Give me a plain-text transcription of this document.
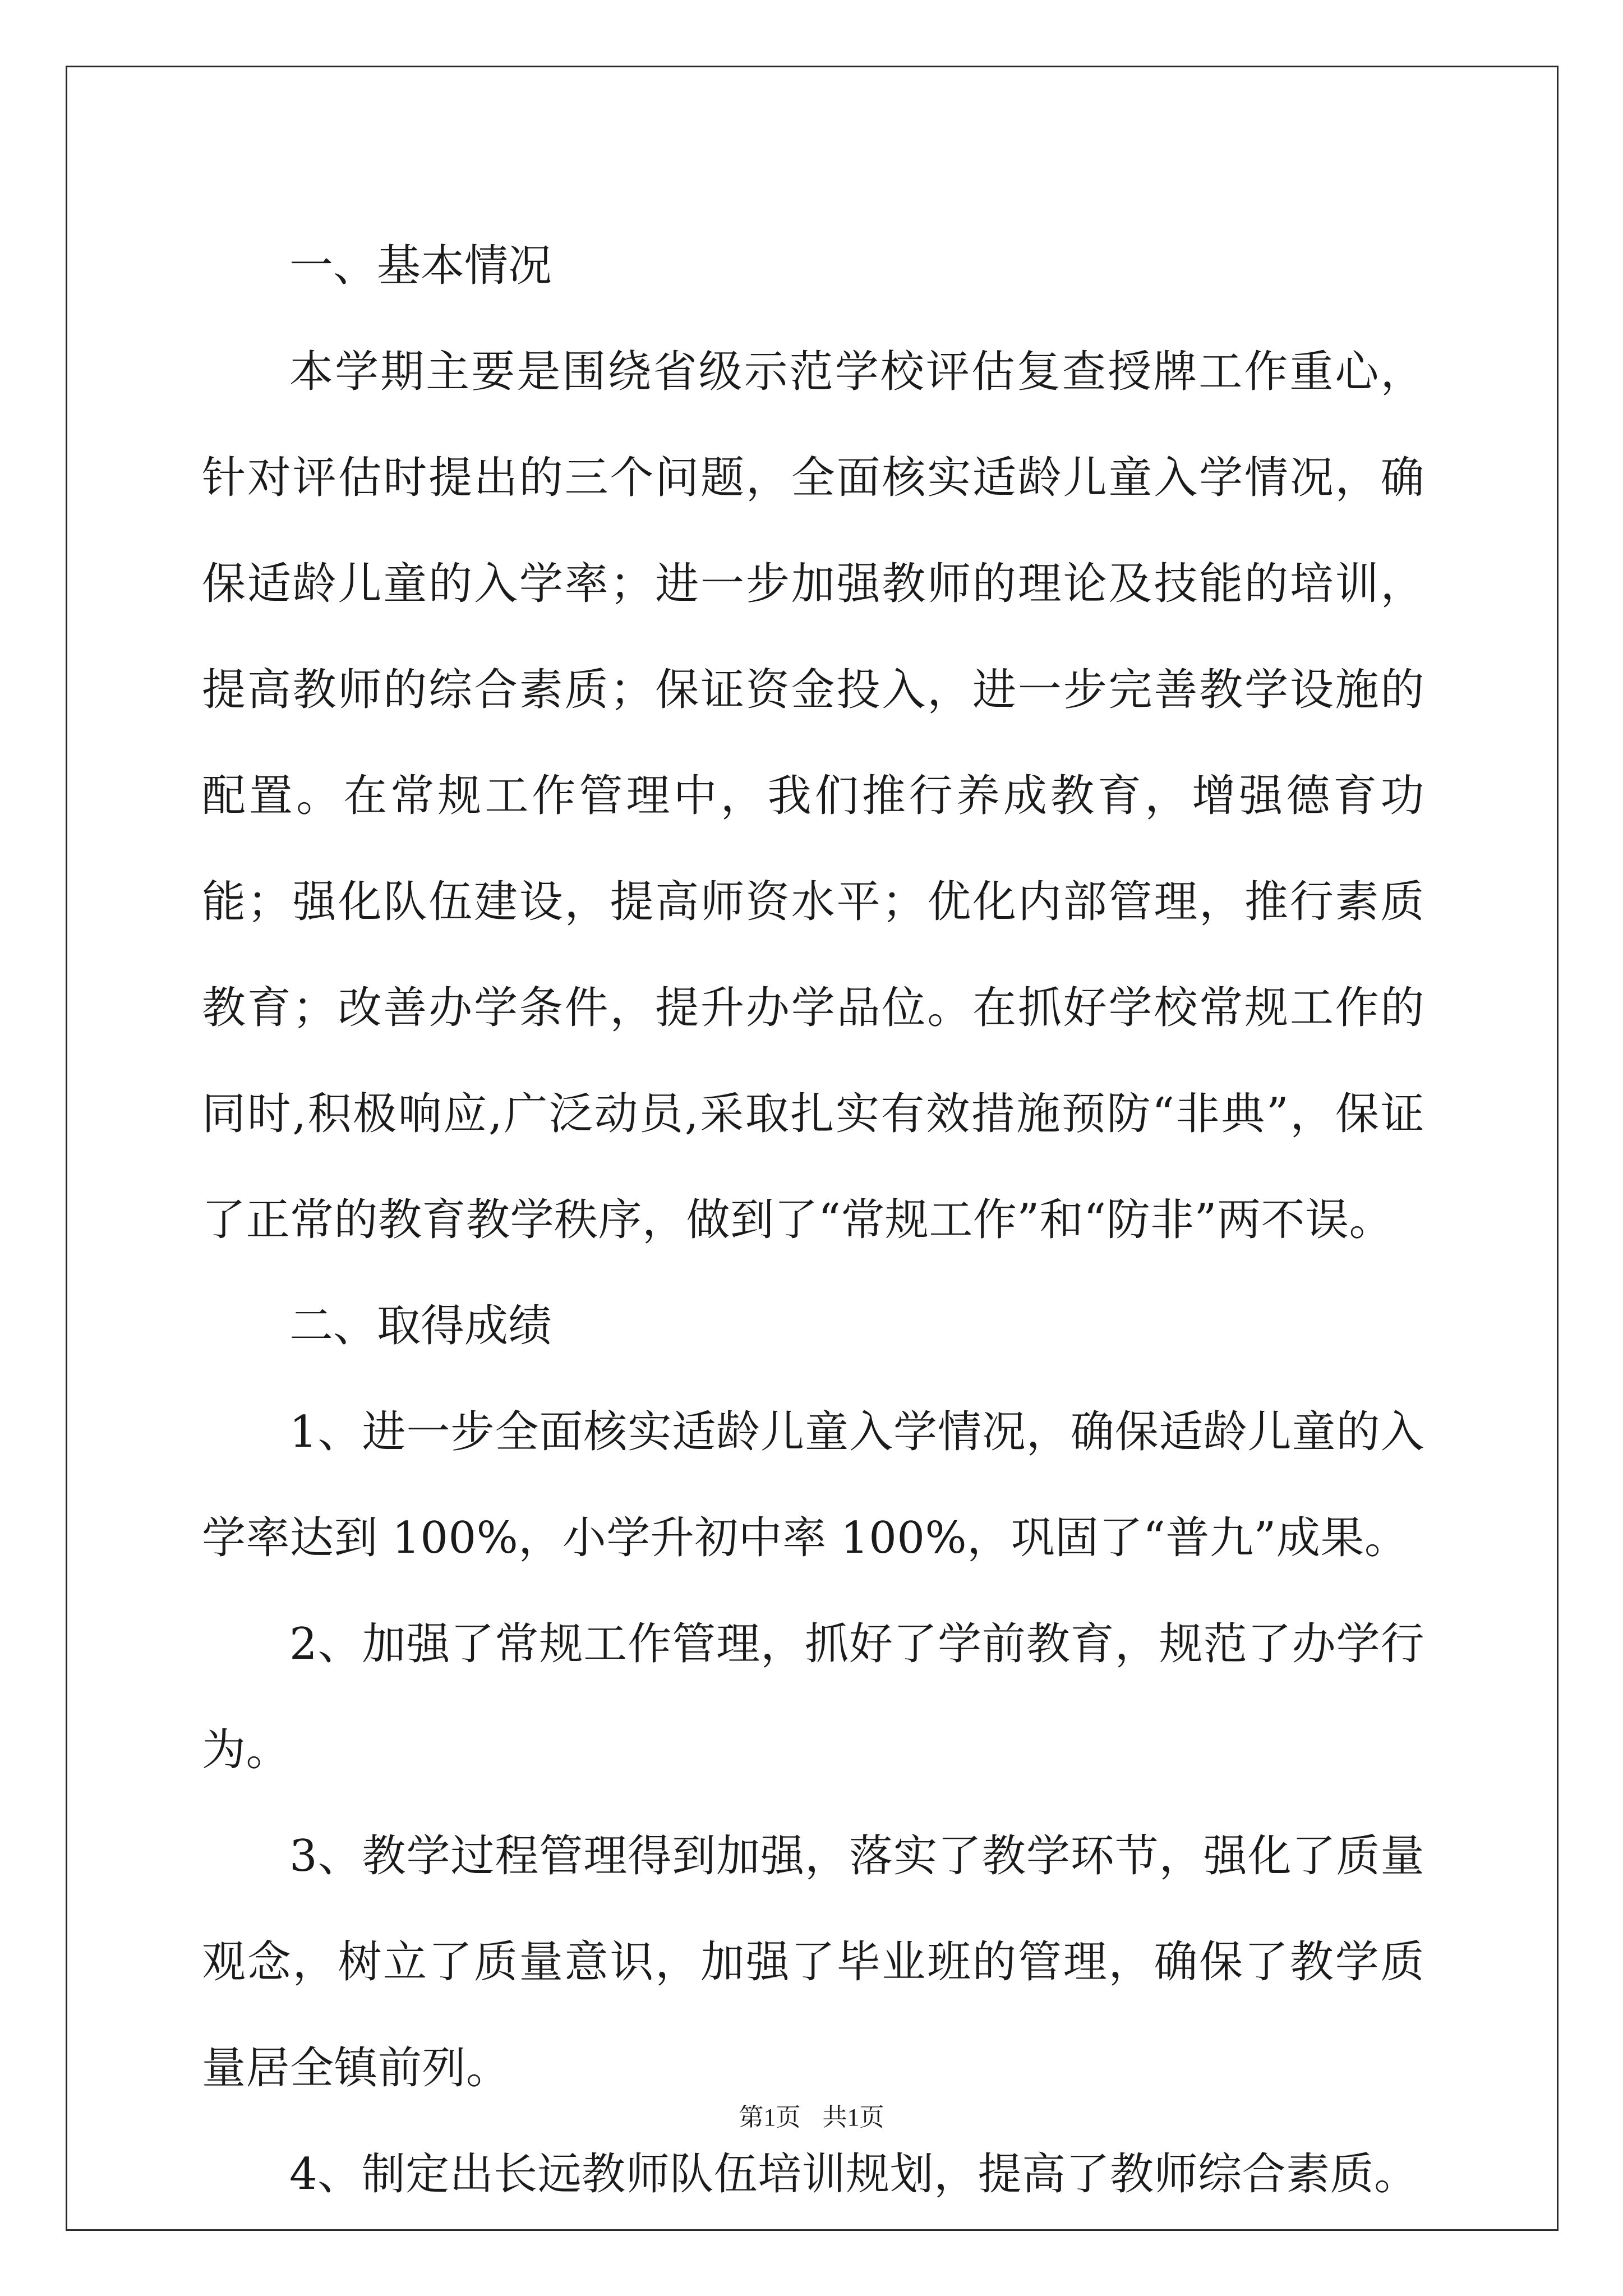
一、基本情况

本学期主要是围绕省级示范学校评估复查授牌工作重心，针对评估时提出的三个问题，全面核实适龄儿童入学情况，确保适龄儿童的入学率；进一步加强教师的理论及技能的培训，提高教师的综合素质；保证资金投入，进一步完善教学设施的配置。在常规工作管理中，我们推行养成教育，增强德育功能；强化队伍建设，提高师资水平；优化内部管理，推行素质教育；改善办学条件，提升办学品位。在抓好学校常规工作的同时,积极响应,广泛动员,采取扎实有效措施预防“非典”，保证了正常的教育教学秩序，做到了“常规工作”和“防非”两不误。

二、取得成绩

1、进一步全面核实适龄儿童入学情况，确保适龄儿童的入学率达到 100%，小学升初中率 100%，巩固了“普九”成果。

2、加强了常规工作管理，抓好了学前教育，规范了办学行为。

3、教学过程管理得到加强，落实了教学环节，强化了质量观念，树立了质量意识，加强了毕业班的管理，确保了教学质量居全镇前列。

4、制定出长远教师队伍培训规划，提高了教师综合素质。

第1页 共1页
